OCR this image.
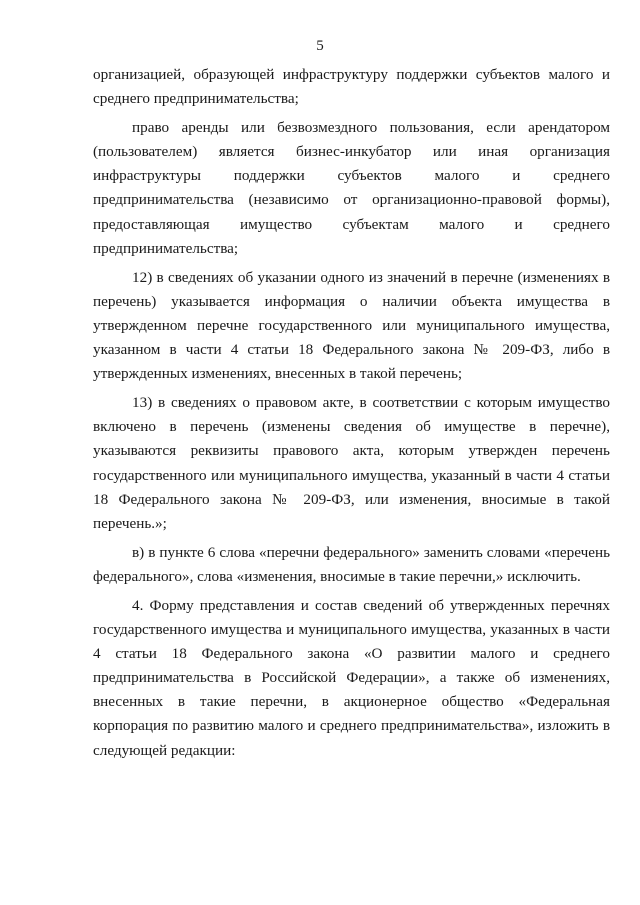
5

организацией, образующей инфраструктуру поддержки субъектов малого и среднего предпринимательства;

право аренды или безвозмездного пользования, если арендатором (пользователем) является бизнес-инкубатор или иная организация инфраструктуры поддержки субъектов малого и среднего предпринимательства (независимо от организационно-правовой формы), предоставляющая имущество субъектам малого и среднего предпринимательства;

12) в сведениях об указании одного из значений в перечне (изменениях в перечень) указывается информация о наличии объекта имущества в утвержденном перечне государственного или муниципального имущества, указанном в части 4 статьи 18 Федерального закона № 209-ФЗ, либо в утвержденных изменениях, внесенных в такой перечень;

13) в сведениях о правовом акте, в соответствии с которым имущество включено в перечень (изменены сведения об имуществе в перечне), указываются реквизиты правового акта, которым утвержден перечень государственного или муниципального имущества, указанный в части 4 статьи 18 Федерального закона № 209-ФЗ, или изменения, вносимые в такой перечень.»;

в) в пункте 6 слова «перечни федерального» заменить словами «перечень федерального», слова «изменения, вносимые в такие перечни,» исключить.

4. Форму представления и состав сведений об утвержденных перечнях государственного имущества и муниципального имущества, указанных в части 4 статьи 18 Федерального закона «О развитии малого и среднего предпринимательства в Российской Федерации», а также об изменениях, внесенных в такие перечни, в акционерное общество «Федеральная корпорация по развитию малого и среднего предпринимательства», изложить в следующей редакции:
